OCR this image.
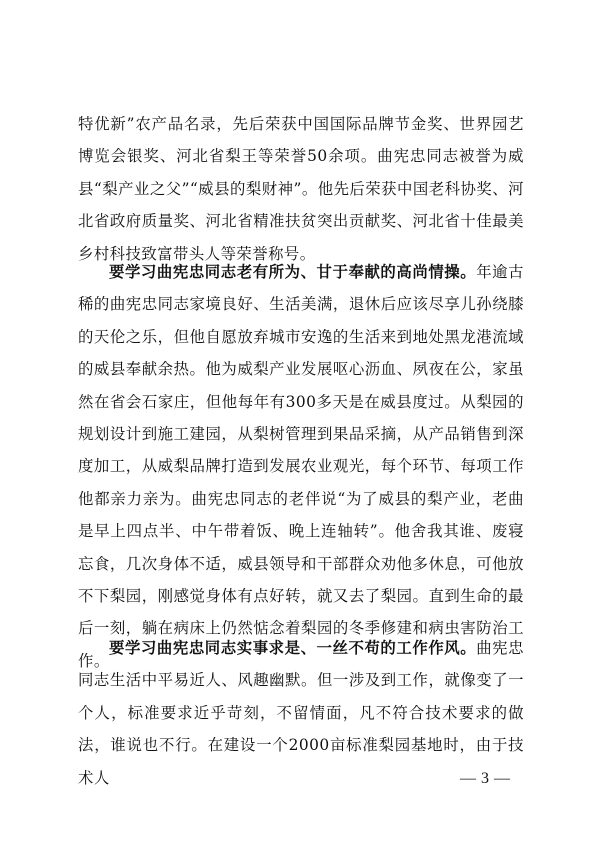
特优新”农产品名录，先后荣获中国国际品牌节金奖、世界园艺博览会银奖、河北省梨王等荣誉50余项。曲宪忠同志被誉为威县“梨产业之父”“威县的梨财神”。他先后荣获中国老科协奖、河北省政府质量奖、河北省精准扶贫突出贡献奖、河北省十佳最美乡村科技致富带头人等荣誉称号。

要学习曲宪忠同志老有所为、甘于奉献的高尚情操。年逾古稀的曲宪忠同志家境良好、生活美满，退休后应该尽享儿孙绕膝的天伦之乐，但他自愿放弃城市安逸的生活来到地处黑龙港流域的威县奉献余热。他为威梨产业发展呕心沥血、夙夜在公，家虽然在省会石家庄，但他每年有300多天是在威县度过。从梨园的规划设计到施工建园，从梨树管理到果品采摘，从产品销售到深度加工，从威梨品牌打造到发展农业观光，每个环节、每项工作他都亲力亲为。曲宪忠同志的老伴说“为了威县的梨产业，老曲是早上四点半、中午带着饭、晚上连轴转”。他舍我其谁、废寝忘食，几次身体不适，威县领导和干部群众劝他多休息，可他放不下梨园，刚感觉身体有点好转，就又去了梨园。直到生命的最后一刻，躺在病床上仍然惦念着梨园的冬季修建和病虫害防治工作。

要学习曲宪忠同志实事求是、一丝不苟的工作作风。曲宪忠同志生活中平易近人、风趣幽默。但一涉及到工作，就像变了一个人，标准要求近乎苛刻，不留情面，凡不符合技术要求的做法，谁说也不行。在建设一个2000亩标准梨园基地时，由于技术人	— 3 —
